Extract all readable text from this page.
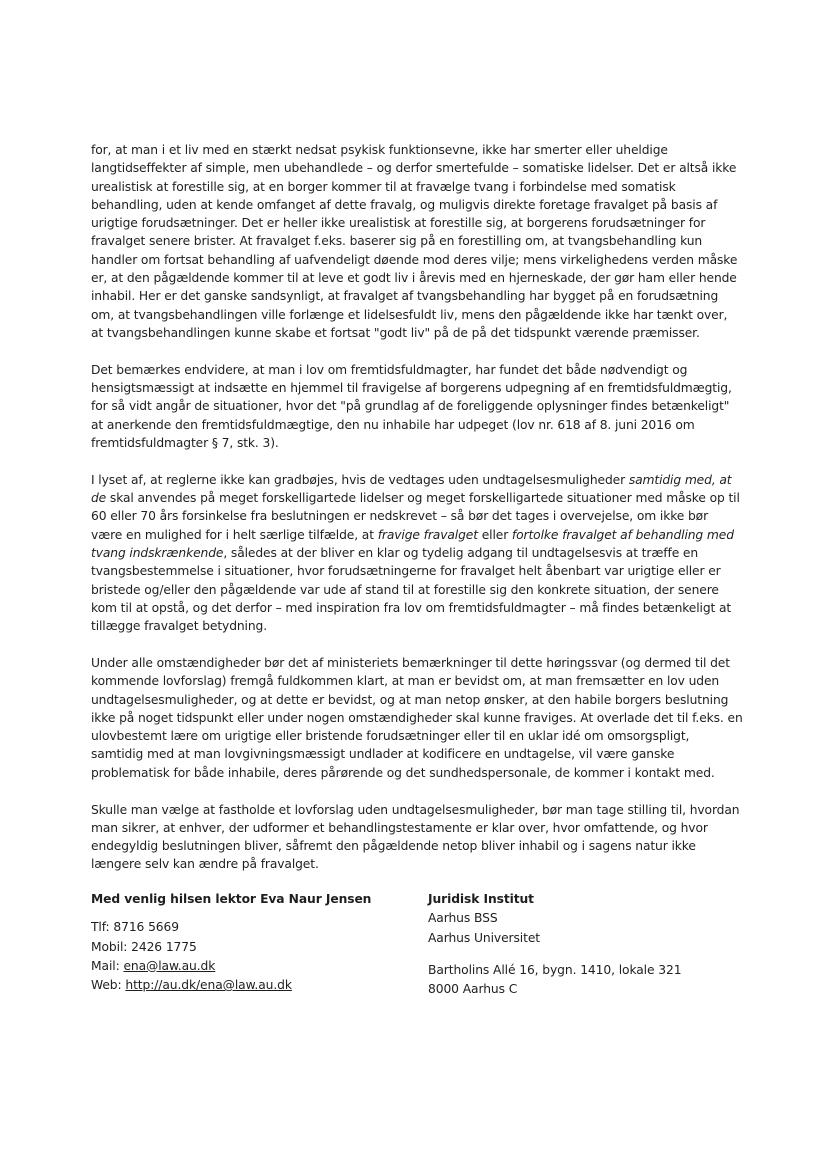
for, at man i et liv med en stærkt nedsat psykisk funktionsevne, ikke har smerter eller uheldige langtidseffekter af simple, men ubehandlede – og derfor smertefulde – somatiske lidelser. Det er altså ikke urealistisk at forestille sig, at en borger kommer til at fravælge tvang i forbindelse med somatisk behandling, uden at kende omfanget af dette fravalg, og muligvis direkte foretage fravalget på basis af urigtige forudsætninger. Det er heller ikke urealistisk at forestille sig, at borgerens forudsætninger for fravalget senere brister. At fravalget f.eks. baserer sig på en forestilling om, at tvangsbehandling kun handler om fortsat behandling af uafvendeligt døende mod deres vilje; mens virkelighedens verden måske er, at den pågældende kommer til at leve et godt liv i årevis med en hjerneskade, der gør ham eller hende inhabil. Her er det ganske sandsynligt, at fravalget af tvangsbehandling har bygget på en forudsætning om, at tvangsbehandlingen ville forlænge et lidelsesfuldt liv, mens den pågældende ikke har tænkt over, at tvangsbehandlingen kunne skabe et fortsat "godt liv" på de på det tidspunkt værende præmisser.

Det bemærkes endvidere, at man i lov om fremtidsfuldmagter, har fundet det både nødvendigt og hensigtsmæssigt at indsætte en hjemmel til fravigelse af borgerens udpegning af en fremtidsfuldmægtig, for så vidt angår de situationer, hvor det "på grundlag af de foreliggende oplysninger findes betænkeligt" at anerkende den fremtidsfuldmægtige, den nu inhabile har udpeget (lov nr. 618 af 8. juni 2016 om fremtidsfuldmagter § 7, stk. 3).

I lyset af, at reglerne ikke kan gradbøjes, hvis de vedtages uden undtagelsesmuligheder samtidig med, at de skal anvendes på meget forskelligartede lidelser og meget forskelligartede situationer med måske op til 60 eller 70 års forsinkelse fra beslutningen er nedskrevet – så bør det tages i overvejelse, om ikke bør være en mulighed for i helt særlige tilfælde, at fravige fravalget eller fortolke fravalget af behandling med tvang indskrænkende, således at der bliver en klar og tydelig adgang til undtagelsesvis at træffe en tvangsbestemmelse i situationer, hvor forudsætningerne for fravalget helt åbenbart var urigtige eller er bristede og/eller den pågældende var ude af stand til at forestille sig den konkrete situation, der senere kom til at opstå, og det derfor – med inspiration fra lov om fremtidsfuldmagter – må findes betænkeligt at tillægge fravalget betydning.

Under alle omstændigheder bør det af ministeriets bemærkninger til dette høringssvar (og dermed til det kommende lovforslag) fremgå fuldkommen klart, at man er bevidst om, at man fremsætter en lov uden undtagelsesmuligheder, og at dette er bevidst, og at man netop ønsker, at den habile borgers beslutning ikke på noget tidspunkt eller under nogen omstændigheder skal kunne fraviges. At overlade det til f.eks. en ulovbestemt lære om urigtige eller bristende forudsætninger eller til en uklar idé om omsorgspligt, samtidig med at man lovgivningsmæssigt undlader at kodificere en undtagelse, vil være ganske problematisk for både inhabile, deres pårørende og det sundhedspersonale, de kommer i kontakt med.

Skulle man vælge at fastholde et lovforslag uden undtagelsesmuligheder, bør man tage stilling til, hvordan man sikrer, at enhver, der udformer et behandlingstestamente er klar over, hvor omfattende, og hvor endegyldig beslutningen bliver, såfremt den pågældende netop bliver inhabil og i sagens natur ikke længere selv kan ændre på fravalget.

Med venlig hilsen lektor Eva Naur Jensen
Tlf: 8716 5669
Mobil: 2426 1775
Mail: ena@law.au.dk
Web: http://au.dk/ena@law.au.dk
Juridisk Institut
Aarhus BSS
Aarhus Universitet
Bartholins Allé 16, bygn. 1410, lokale 321
8000 Aarhus C
